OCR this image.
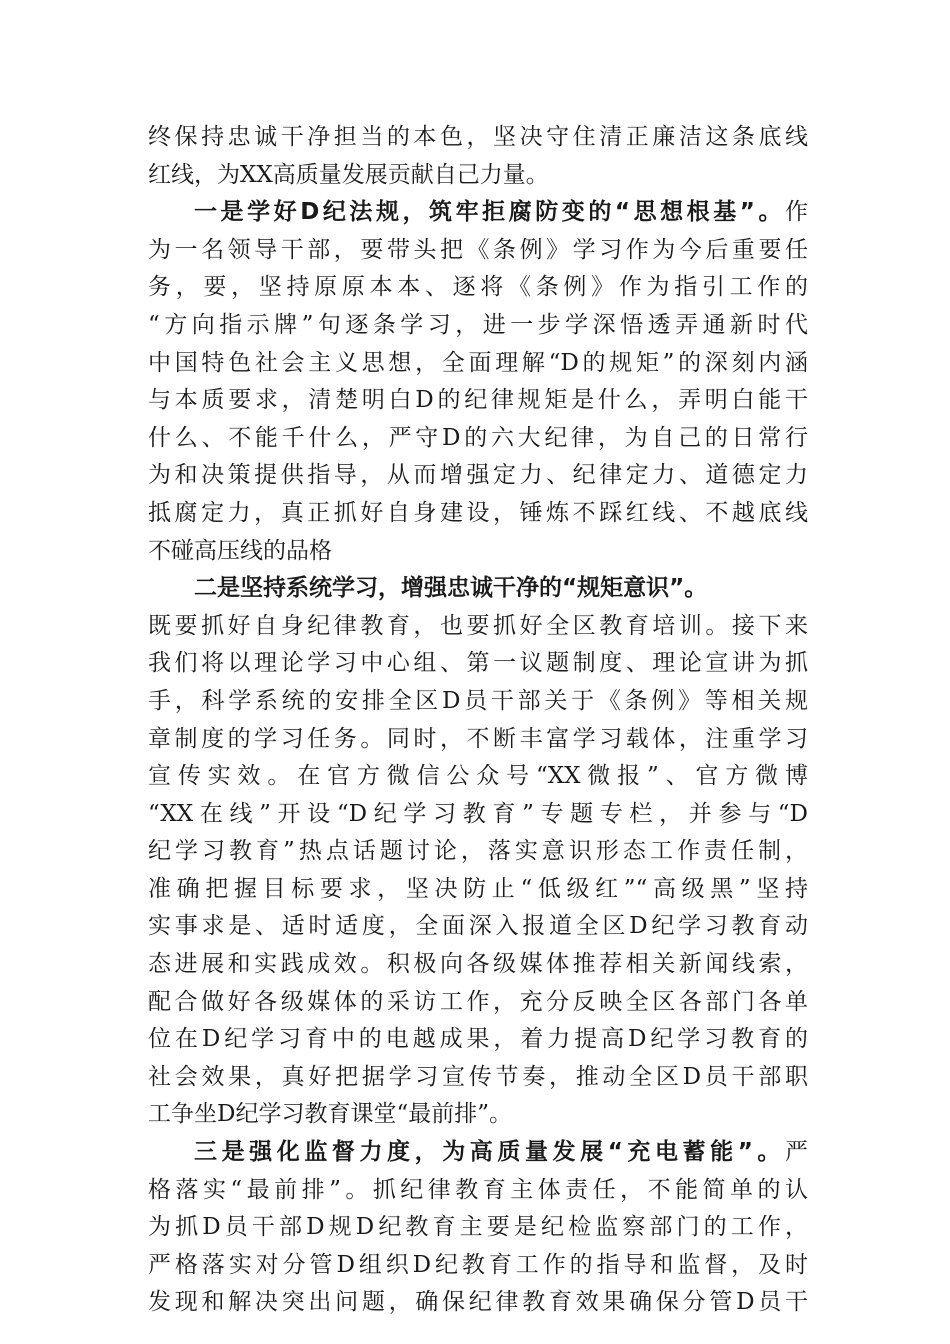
终保持忠诚干净担当的本色，坚决守住清正廉洁这条底线
红线，为XX高质量发展贡献自己力量。
一是学好D纪法规，筑牢拒腐防变的“思想根基”。作
为一名领导干部，要带头把《条例》学习作为今后重要任
务，要，坚持原原本本、逐将《条例》作为指引工作的
“方向指示牌”句逐条学习，进一步学深悟透弄通新时代
中国特色社会主义思想，全面理解“D的规矩”的深刻内涵
与本质要求，清楚明白D的纪律规矩是什么，弄明白能干
什么、不能千什么，严守D的六大纪律，为自己的日常行
为和决策提供指导，从而增强定力、纪律定力、道德定力
抵腐定力，真正抓好自身建设，锤炼不踩红线、不越底线
不碰高压线的品格
二是坚持系统学习，增强忠诚干净的“规矩意识”。
既要抓好自身纪律教育，也要抓好全区教育培训。接下来
我们将以理论学习中心组、第一议题制度、理论宣讲为抓
手，科学系统的安排全区D员干部关于《条例》等相关规
章制度的学习任务。同时，不断丰富学习载体，注重学习
宣传实效。在官方微信公众号“XX微报”、官方微博
“XX在线”开设“D纪学习教育”专题专栏，并参与“D
纪学习教育”热点话题讨论，落实意识形态工作责任制，
准确把握目标要求，坚决防止“低级红”“高级黑”坚持
实事求是、适时适度，全面深入报道全区D纪学习教育动
态进展和实践成效。积极向各级媒体推荐相关新闻线索，
配合做好各级媒体的采访工作，充分反映全区各部门各单
位在D纪学习育中的电越成果，着力提高D纪学习教育的
社会效果，真好把据学习宣传节奏，推动全区D员干部职
工争坐D纪学习教育课堂“最前排”。
三是强化监督力度，为高质量发展“充电蓄能”。严
格落实“最前排”。抓纪律教育主体责任，不能简单的认
为抓D员干部D规D纪教育主要是纪检监察部门的工作，
严格落实对分管D组织D纪教育工作的指导和监督，及时
发现和解决突出问题，确保纪律教育效果确保分管D员干
